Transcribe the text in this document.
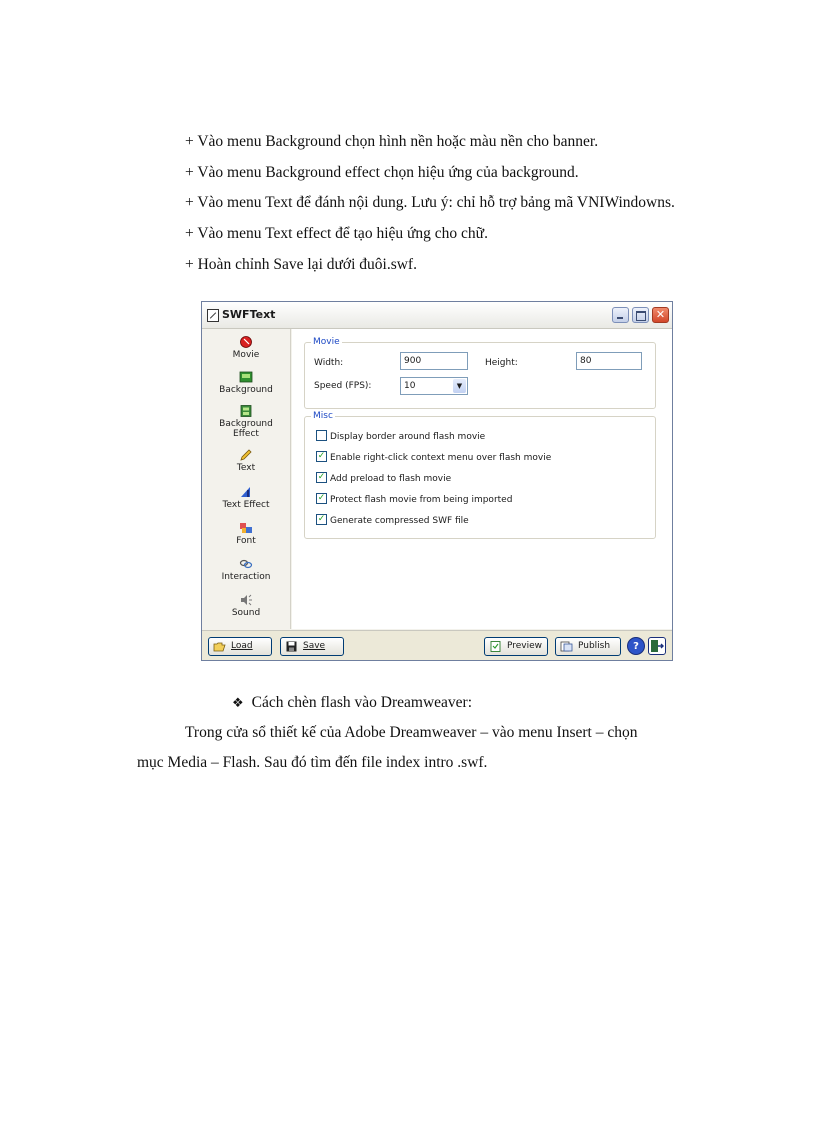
+ Vào menu Background chọn hình nền hoặc màu nền cho banner.
+ Vào menu Background effect chọn hiệu ứng của background.
+ Vào menu Text để đánh nội dung. Lưu ý: chỉ hỗ trợ bảng mã VNIWindowns.
+ Vào menu Text effect để tạo hiệu ứng cho chữ.
+ Hoàn chỉnh Save lại dưới đuôi.swf.
SWFText	✕
Movie
Background
Background Effect
Text
Text Effect
Font
Interaction
Sound
Movie
Width:	900	Height:	80
Speed (FPS):	10	▼
Misc
Display border around flash movie
✓ Enable right-click context menu over flash movie
✓ Add preload to flash movie
✓ Protect flash movie from being imported
✓ Generate compressed SWF file
Load	Save	Preview	Publish	?
❖ Cách chèn flash vào Dreamweaver:
Trong cửa sổ thiết kế của Adobe Dreamweaver – vào menu Insert – chọn
mục Media – Flash. Sau đó tìm đến file index intro .swf.
